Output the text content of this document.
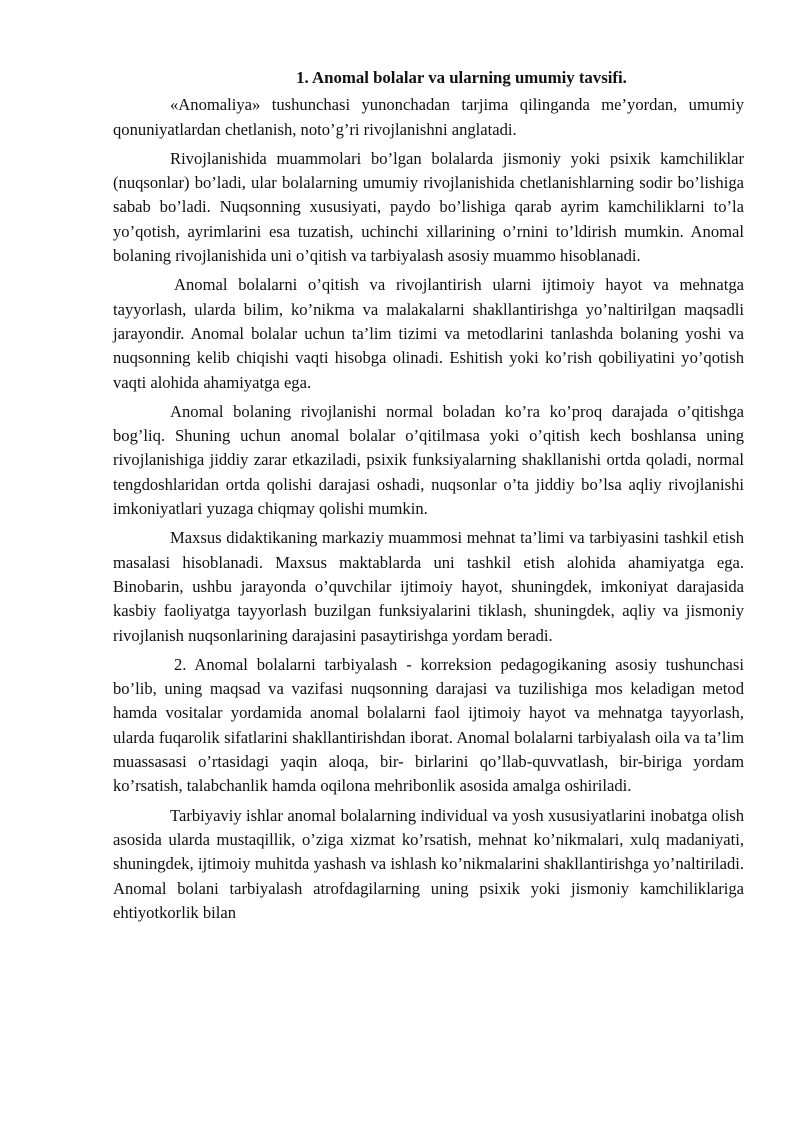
1. Anomal bolalar va ularning umumiy tavsifi.

«Anomaliya» tushunchasi yunonchadan tarjima qilinganda me’yordan, umumiy qonuniyatlardan chetlanish, noto’g’ri rivojlanishni anglatadi.

Rivojlanishida muammolari bo’lgan bolalarda jismoniy yoki psixik kamchiliklar (nuqsonlar) bo’ladi, ular bolalarning umumiy rivojlanishida chetlanishlarning sodir bo’lishiga sabab bo’ladi. Nuqsonning xususiyati, paydo bo’lishiga qarab ayrim kamchiliklarni to’la yo’qotish, ayrimlarini esa tuzatish, uchinchi xillarining o’rnini to’ldirish mumkin. Anomal bolaning rivojlanishida uni o’qitish va tarbiyalash asosiy muammo hisoblanadi.

Anomal bolalarni o’qitish va rivojlantirish ularni ijtimoiy hayot va mehnatga tayyorlash, ularda bilim, ko’nikma va malakalarni shakllantirishga yo’naltirilgan maqsadli jarayondir. Anomal bolalar uchun ta’lim tizimi va metodlarini tanlashda bolaning yoshi va nuqsonning kelib chiqishi vaqti hisobga olinadi. Eshitish yoki ko’rish qobiliyatini yo’qotish vaqti alohida ahamiyatga ega.

Anomal bolaning rivojlanishi normal boladan ko’ra ko’proq darajada o’qitishga bog’liq. Shuning uchun anomal bolalar o’qitilmasa yoki o’qitish kech boshlansa uning rivojlanishiga jiddiy zarar etkaziladi, psixik funksiyalarning shakllanishi ortda qoladi, normal tengdoshlaridan ortda qolishi darajasi oshadi, nuqsonlar o’ta jiddiy bo’lsa aqliy rivojlanishi imkoniyatlari yuzaga chiqmay qolishi mumkin.

Maxsus didaktikaning markaziy muammosi mehnat ta’limi va tarbiyasini tashkil etish masalasi hisoblanadi. Maxsus maktablarda uni tashkil etish alohida ahamiyatga ega. Binobarin, ushbu jarayonda o’quvchilar ijtimoiy hayot, shuningdek, imkoniyat darajasida kasbiy faoliyatga tayyorlash buzilgan funksiyalarini tiklash, shuningdek, aqliy va jismoniy rivojlanish nuqsonlarining darajasini pasaytirishga yordam beradi.

2. Anomal bolalarni tarbiyalash - korreksion pedagogikaning asosiy tushunchasi bo’lib, uning maqsad va vazifasi nuqsonning darajasi va tuzilishiga mos keladigan metod hamda vositalar yordamida anomal bolalarni faol ijtimoiy hayot va mehnatga tayyorlash, ularda fuqarolik sifatlarini shakllantirishdan iborat. Anomal bolalarni tarbiyalash oila va ta’lim muassasasi o’rtasidagi yaqin aloqa, bir- birlarini qo’llab-quvvatlash, bir-biriga yordam ko’rsatish, talabchanlik hamda oqilona mehribonlik asosida amalga oshiriladi.

Tarbiyaviy ishlar anomal bolalarning individual va yosh xususiyatlarini inobatga olish asosida ularda mustaqillik, o’ziga xizmat ko’rsatish, mehnat ko’nikmalari, xulq madaniyati, shuningdek, ijtimoiy muhitda yashash va ishlash ko’nikmalarini shakllantirishga yo’naltiriladi. Anomal bolani tarbiyalash atrofdagilarning uning psixik yoki jismoniy kamchiliklariga ehtiyotkorlik bilan
